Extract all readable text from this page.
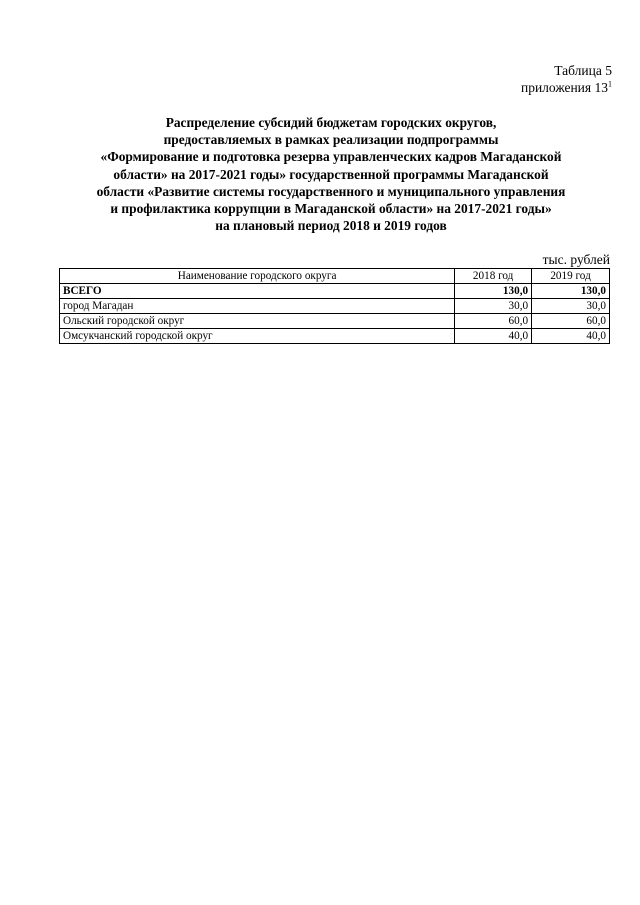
Таблица 5
приложения $13^1$
Распределение субсидий бюджетам городских округов,
предоставляемых в рамках реализации подпрограммы
«Формирование и подготовка резерва управленческих кадров Магаданской
области» на 2017-2021 годы» государственной программы Магаданской
области «Развитие системы государственного и муниципального управления
и профилактика коррупции в Магаданской области» на 2017-2021 годы»
на плановый период 2018 и 2019 годов
тыс. рублей
Наименование городского округа	2018 год	2019 год
ВСЕГО	130,0	130,0
город Магадан	30,0	30,0
Ольский городской округ	60,0	60,0
Омсукчанский городской округ	40,0	40,0
